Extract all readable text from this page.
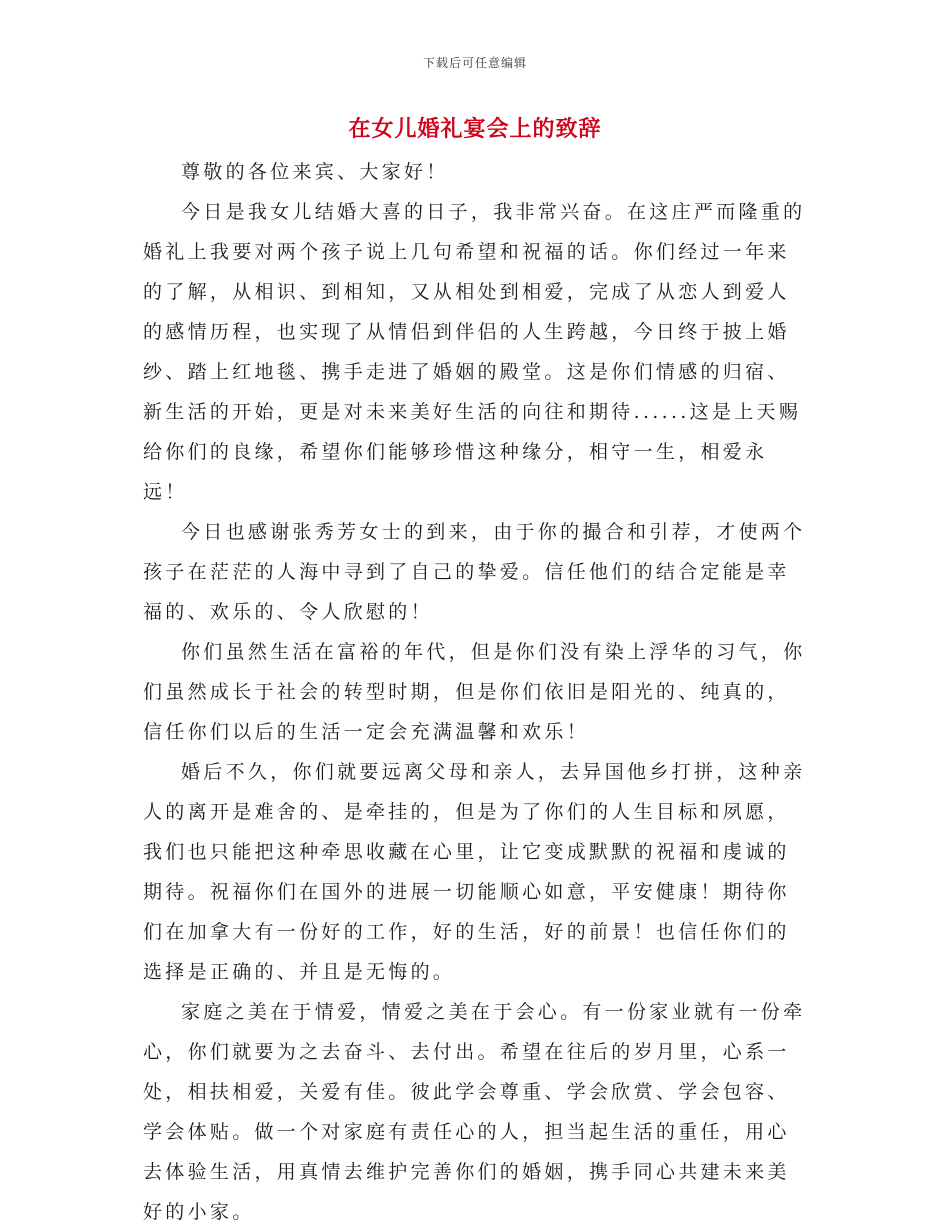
下载后可任意编辑
在女儿婚礼宴会上的致辞

尊敬的各位来宾、大家好！

今日是我女儿结婚大喜的日子，我非常兴奋。在这庄严而隆重的婚礼上我要对两个孩子说上几句希望和祝福的话。你们经过一年来的了解，从相识、到相知，又从相处到相爱，完成了从恋人到爱人的感情历程，也实现了从情侣到伴侣的人生跨越，今日终于披上婚纱、踏上红地毯、携手走进了婚姻的殿堂。这是你们情感的归宿、新生活的开始，更是对未来美好生活的向往和期待......这是上天赐给你们的良缘，希望你们能够珍惜这种缘分，相守一生，相爱永远！

今日也感谢张秀芳女士的到来，由于你的撮合和引荐，才使两个孩子在茫茫的人海中寻到了自己的挚爱。信任他们的结合定能是幸福的、欢乐的、令人欣慰的！

你们虽然生活在富裕的年代，但是你们没有染上浮华的习气，你们虽然成长于社会的转型时期，但是你们依旧是阳光的、纯真的，信任你们以后的生活一定会充满温馨和欢乐！

婚后不久，你们就要远离父母和亲人，去异国他乡打拼，这种亲人的离开是难舍的、是牵挂的，但是为了你们的人生目标和夙愿，我们也只能把这种牵思收藏在心里，让它变成默默的祝福和虔诚的期待。祝福你们在国外的进展一切能顺心如意，平安健康！期待你们在加拿大有一份好的工作，好的生活，好的前景！也信任你们的选择是正确的、并且是无悔的。

家庭之美在于情爱，情爱之美在于会心。有一份家业就有一份牵心，你们就要为之去奋斗、去付出。希望在往后的岁月里，心系一处，相扶相爱，关爱有佳。彼此学会尊重、学会欣赏、学会包容、学会体贴。做一个对家庭有责任心的人，担当起生活的重任，用心去体验生活，用真情去维护完善你们的婚姻，携手同心共建未来美好的小家。
